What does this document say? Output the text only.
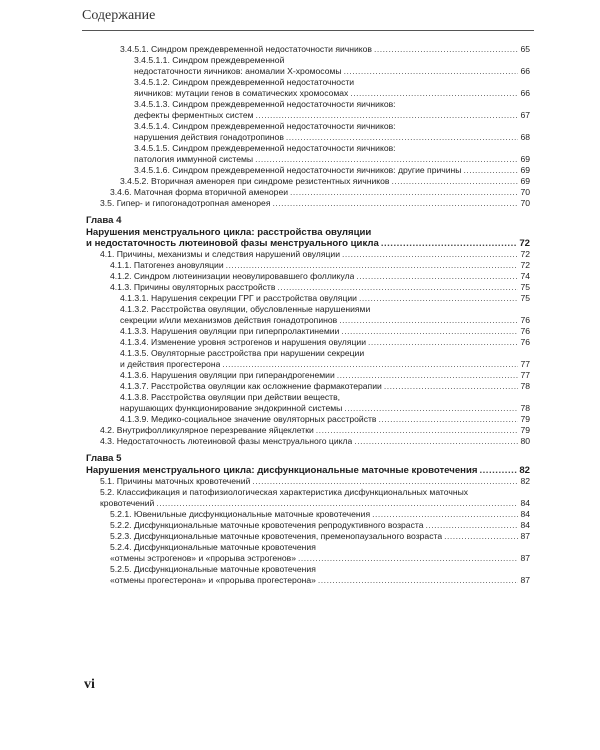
Содержание
3.4.5.1. Синдром преждевременной недостаточности яичников .....	65
3.4.5.1.1. Синдром преждевременной
недостаточности яичников: аномалии Х-хромосомы .....	66
3.4.5.1.2. Синдром преждевременной недостаточности
яичников: мутации генов в соматических хромосомах .....	66
3.4.5.1.3. Синдром преждевременной недостаточности яичников:
дефекты ферментных систем .....	67
3.4.5.1.4. Синдром преждевременной недостаточности яичников:
нарушения действия гонадотропинов .....	68
3.4.5.1.5. Синдром преждевременной недостаточности яичников:
патология иммунной системы .....	69
3.4.5.1.6. Синдром преждевременной недостаточности яичников: другие причины .....	69
3.4.5.2. Вторичная аменорея при синдроме резистентных яичников .....	69
3.4.6. Маточная форма вторичной аменореи .....	70
3.5. Гипер- и гипогонадотропная аменорея .....	70
Глава 4
Нарушения менструального цикла: расстройства овуляции
и недостаточность лютеиновой фазы менструального цикла .....	72
4.1. Причины, механизмы и следствия нарушений овуляции .....	72
4.1.1. Патогенез ановуляции .....	72
4.1.2. Синдром лютеинизации неовулировавшего фолликула .....	74
4.1.3. Причины овуляторных расстройств .....	75
4.1.3.1. Нарушения секреции ГРГ и расстройства овуляции .....	75
4.1.3.2. Расстройства овуляции, обусловленные нарушениями
секреции и/или механизмов действия гонадотропинов .....	76
4.1.3.3. Нарушения овуляции при гиперпролактинемии .....	76
4.1.3.4. Изменение уровня эстрогенов и нарушения овуляции .....	76
4.1.3.5. Овуляторные расстройства при нарушении секреции
и действия прогестерона .....	77
4.1.3.6. Нарушения овуляции при гиперандрогенемии .....	77
4.1.3.7. Расстройства овуляции как осложнение фармакотерапии .....	78
4.1.3.8. Расстройства овуляции при действии веществ,
нарушающих функционирование эндокринной системы .....	78
4.1.3.9. Медико-социальное значение овуляторных расстройств .....	79
4.2. Внутрифолликулярное перезревание яйцеклетки .....	79
4.3. Недостаточность лютеиновой фазы менструального цикла .....	80
Глава 5
Нарушения менструального цикла: дисфункциональные маточные кровотечения .....	82
5.1. Причины маточных кровотечений .....	82
5.2. Классификация и патофизиологическая характеристика дисфункциональных маточных
кровотечений .....	84
5.2.1. Ювенильные дисфункциональные маточные кровотечения .....	84
5.2.2. Дисфункциональные маточные кровотечения репродуктивного возраста .....	84
5.2.3. Дисфункциональные маточные кровотечения, пременопаузального возраста .....	87
5.2.4. Дисфункциональные маточные кровотечения
«отмены эстрогенов» и «прорыва эстрогенов» .....	87
5.2.5. Дисфункциональные маточные кровотечения
«отмены прогестерона» и «прорыва прогестерона» .....	87
vi
